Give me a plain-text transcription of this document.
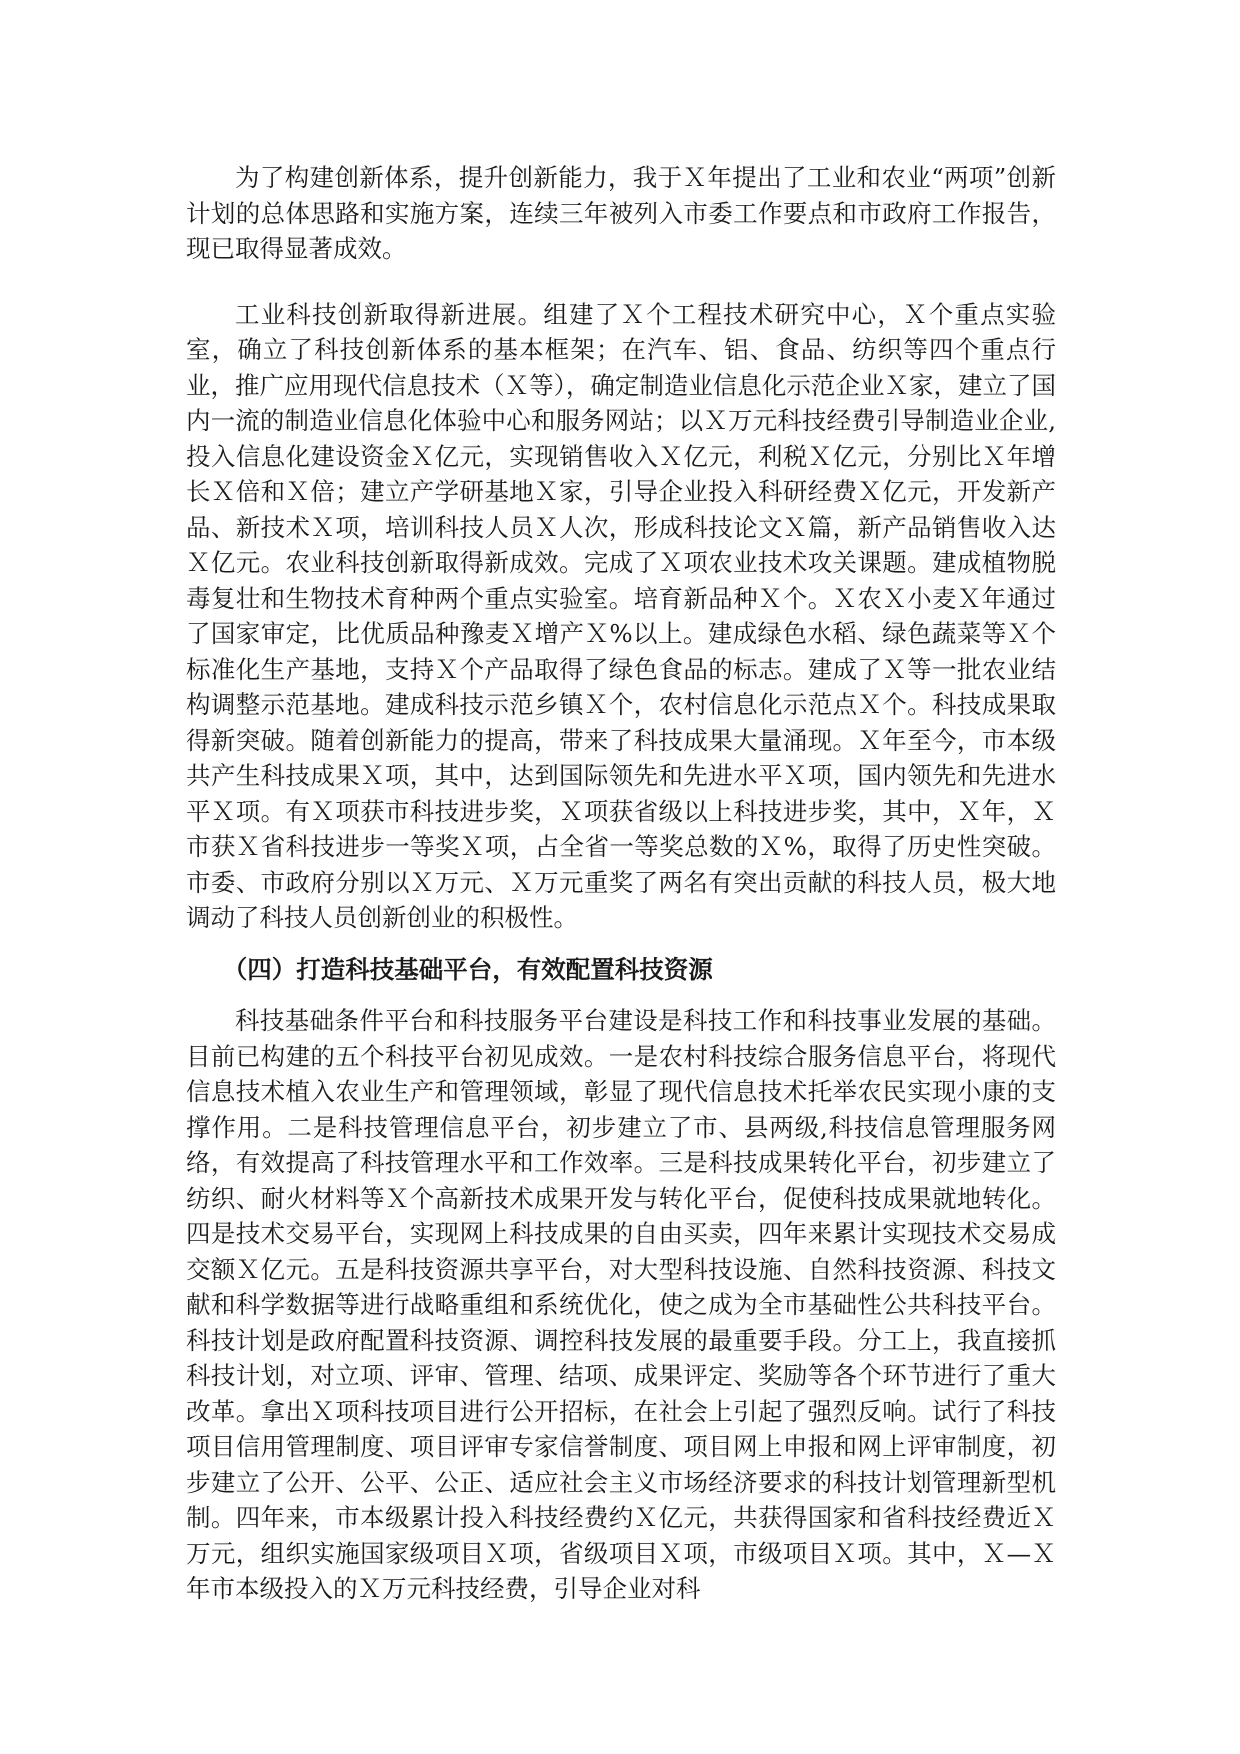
为了构建创新体系，提升创新能力，我于Ｘ年提出了工业和农业“两项”创新计划的总体思路和实施方案，连续三年被列入市委工作要点和市政府工作报告，现已取得显著成效。

工业科技创新取得新进展。组建了Ｘ个工程技术研究中心，Ｘ个重点实验室，确立了科技创新体系的基本框架；在汽车、铝、食品、纺织等四个重点行业，推广应用现代信息技术（Ｘ等），确定制造业信息化示范企业Ｘ家，建立了国内一流的制造业信息化体验中心和服务网站；以Ｘ万元科技经费引导制造业企业,投入信息化建设资金Ｘ亿元，实现销售收入Ｘ亿元，利税Ｘ亿元，分别比Ｘ年增长Ｘ倍和Ｘ倍；建立产学研基地Ｘ家，引导企业投入科研经费Ｘ亿元，开发新产品、新技术Ｘ项，培训科技人员Ｘ人次，形成科技论文Ｘ篇，新产品销售收入达Ｘ亿元。农业科技创新取得新成效。完成了Ｘ项农业技术攻关课题。建成植物脱毒复壮和生物技术育种两个重点实验室。培育新品种Ｘ个。Ｘ农Ｘ小麦Ｘ年通过了国家审定，比优质品种豫麦Ｘ增产Ｘ%以上。建成绿色水稻、绿色蔬菜等Ｘ个标准化生产基地，支持Ｘ个产品取得了绿色食品的标志。建成了Ｘ等一批农业结构调整示范基地。建成科技示范乡镇Ｘ个，农村信息化示范点Ｘ个。科技成果取得新突破。随着创新能力的提高，带来了科技成果大量涌现。Ｘ年至今，市本级共产生科技成果Ｘ项，其中，达到国际领先和先进水平Ｘ项，国内领先和先进水平Ｘ项。有Ｘ项获市科技进步奖，Ｘ项获省级以上科技进步奖，其中，Ｘ年，Ｘ市获Ｘ省科技进步一等奖Ｘ项，占全省一等奖总数的Ｘ%，取得了历史性突破。市委、市政府分别以Ｘ万元、Ｘ万元重奖了两名有突出贡献的科技人员，极大地调动了科技人员创新创业的积极性。

（四）打造科技基础平台，有效配置科技资源

科技基础条件平台和科技服务平台建设是科技工作和科技事业发展的基础。目前已构建的五个科技平台初见成效。一是农村科技综合服务信息平台，将现代信息技术植入农业生产和管理领域，彰显了现代信息技术托举农民实现小康的支撑作用。二是科技管理信息平台，初步建立了市、县两级,科技信息管理服务网络，有效提高了科技管理水平和工作效率。三是科技成果转化平台，初步建立了纺织、耐火材料等Ｘ个高新技术成果开发与转化平台，促使科技成果就地转化。四是技术交易平台，实现网上科技成果的自由买卖，四年来累计实现技术交易成交额Ｘ亿元。五是科技资源共享平台，对大型科技设施、自然科技资源、科技文献和科学数据等进行战略重组和系统优化，使之成为全市基础性公共科技平台。科技计划是政府配置科技资源、调控科技发展的最重要手段。分工上，我直接抓科技计划，对立项、评审、管理、结项、成果评定、奖励等各个环节进行了重大改革。拿出Ｘ项科技项目进行公开招标，在社会上引起了强烈反响。试行了科技项目信用管理制度、项目评审专家信誉制度、项目网上申报和网上评审制度，初步建立了公开、公平、公正、适应社会主义市场经济要求的科技计划管理新型机制。四年来，市本级累计投入科技经费约Ｘ亿元，共获得国家和省科技经费近Ｘ万元，组织实施国家级项目Ｘ项，省级项目Ｘ项，市级项目Ｘ项。其中，Ｘ—Ｘ年市本级投入的Ｘ万元科技经费，引导企业对科
